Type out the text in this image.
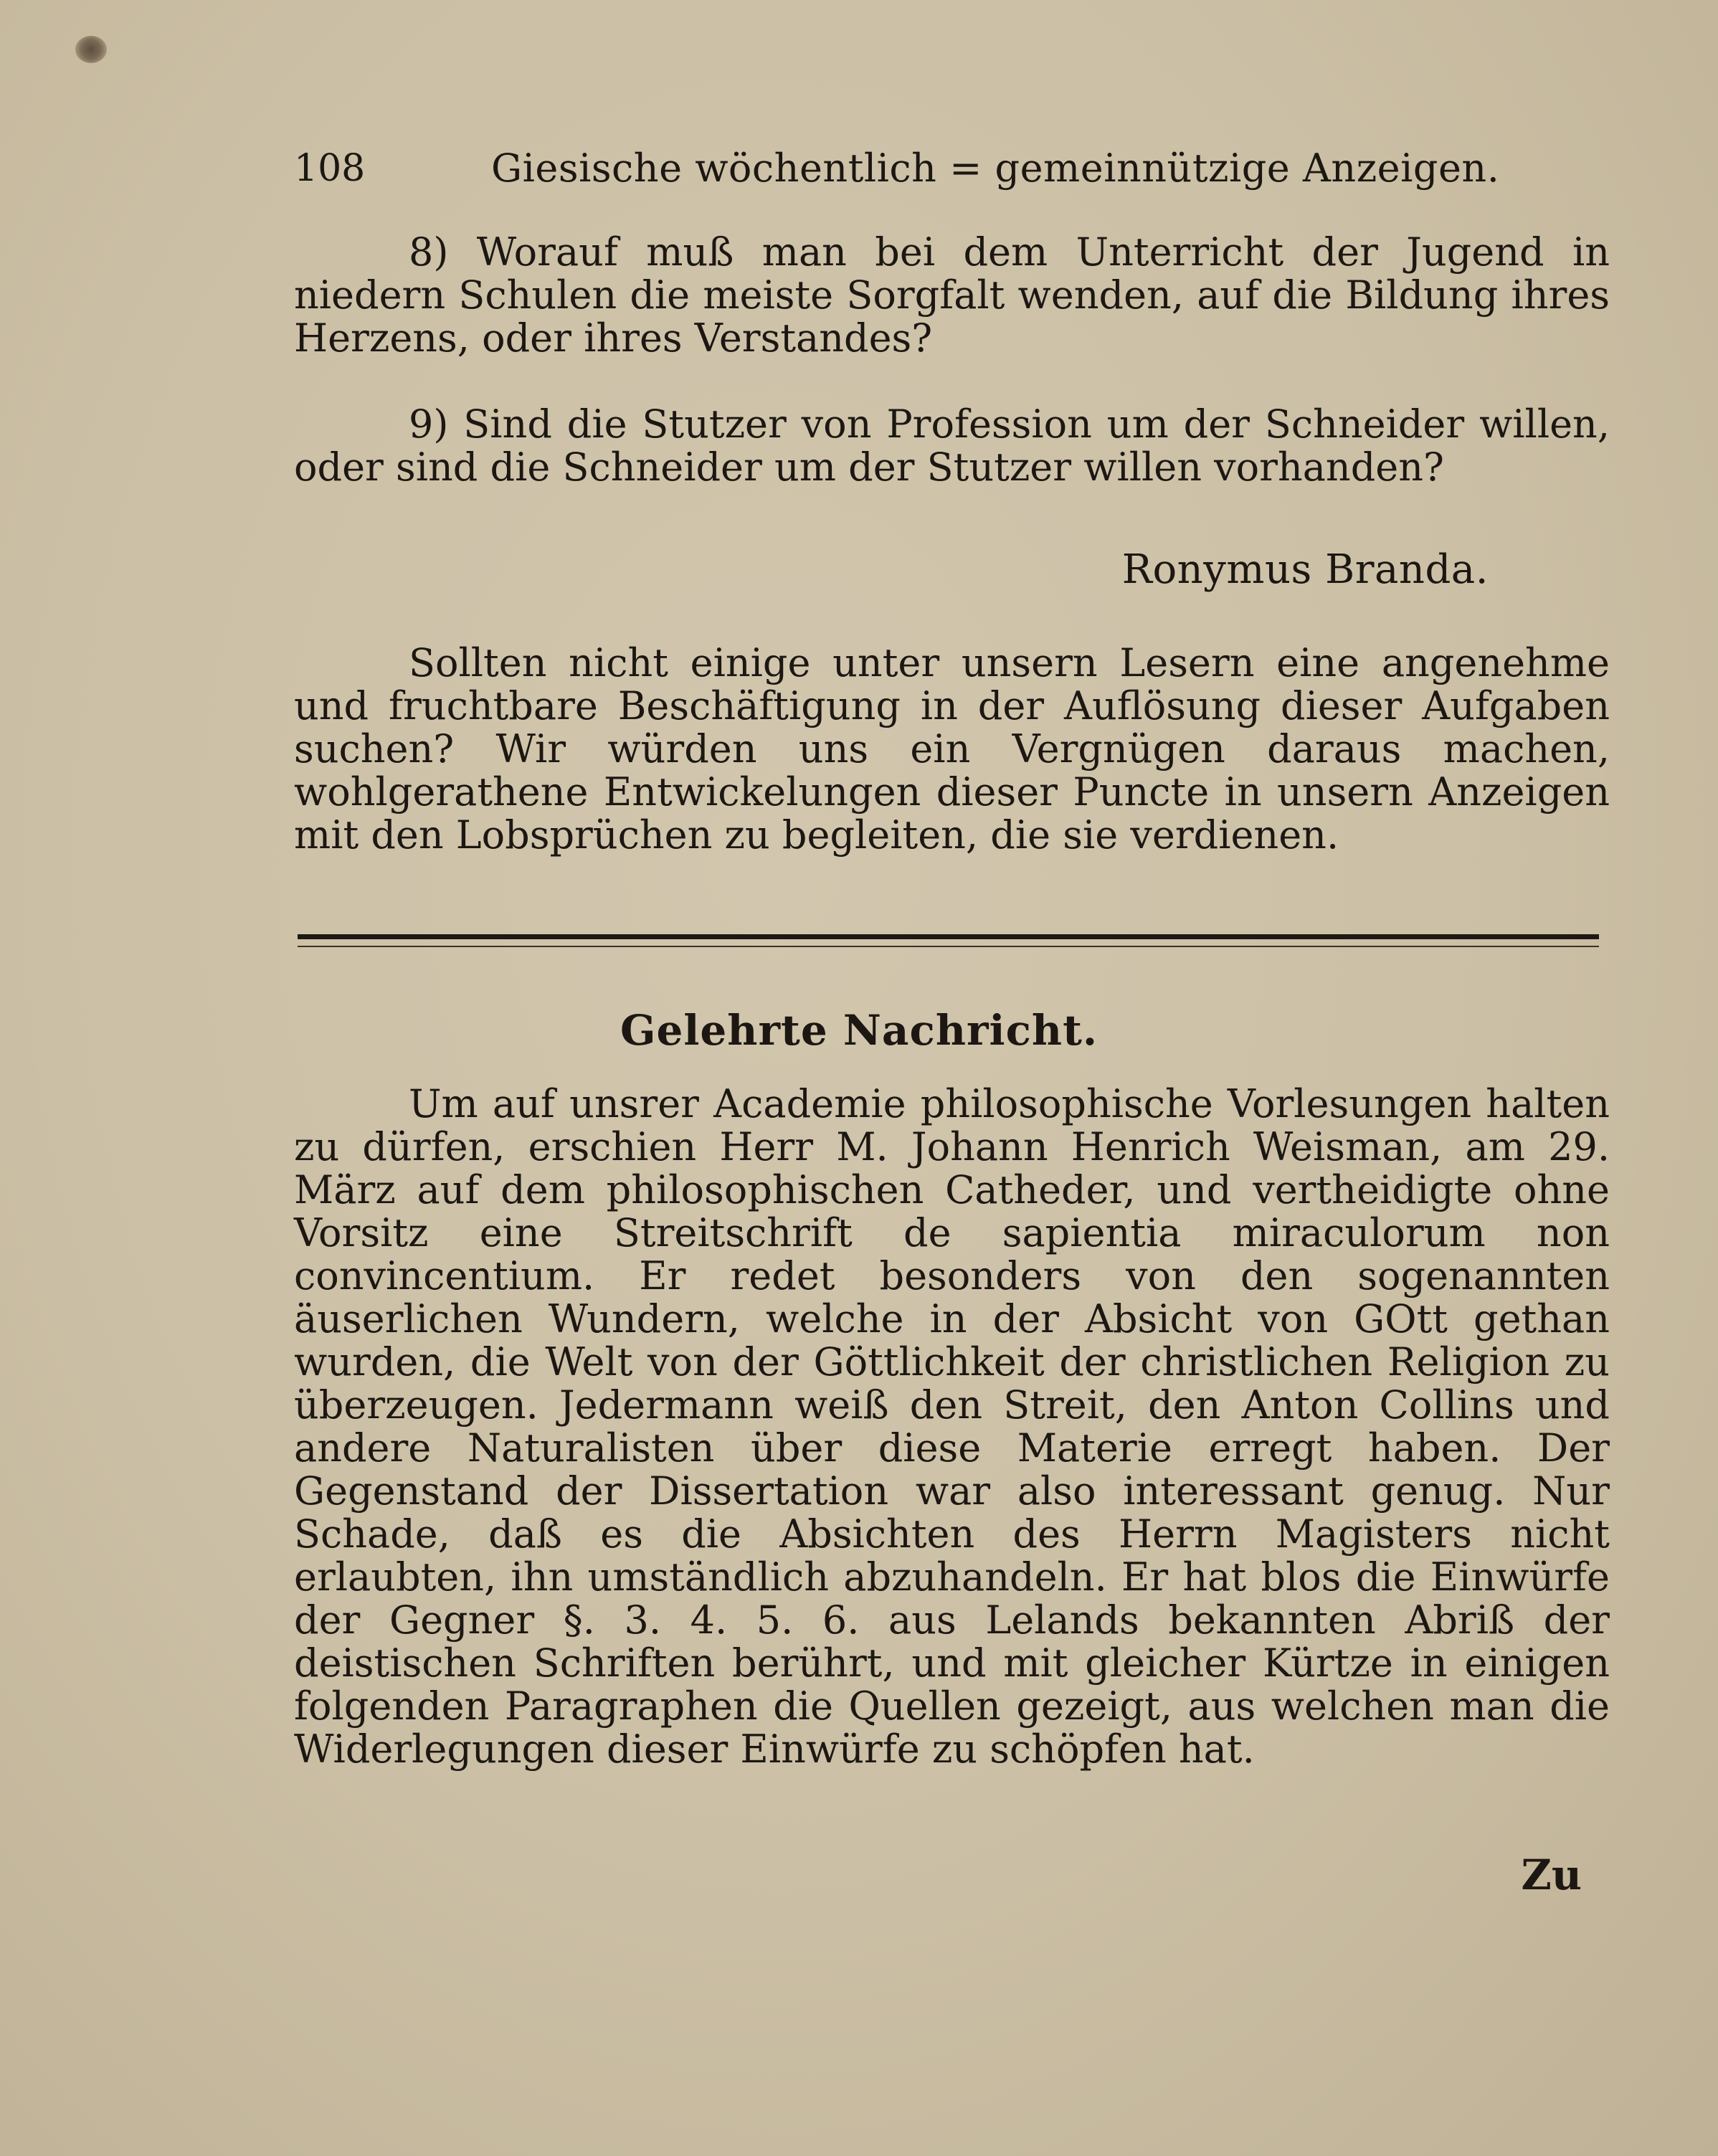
108	Giesische wöchentlich = gemeinnützige Anzeigen.

8) Worauf muß man bei dem Unterricht der Jugend in niedern Schulen die meiste Sorgfalt wenden, auf die Bildung ihres Herzens, oder ihres Verstandes?

9) Sind die Stutzer von Profession um der Schneider willen, oder sind die Schneider um der Stutzer willen vorhanden?

Ronymus Branda.

Sollten nicht einige unter unsern Lesern eine angenehme und fruchtbare Beschäftigung in der Auflösung dieser Aufgaben suchen? Wir würden uns ein Vergnügen daraus machen, wohlgerathene Entwickelungen dieser Puncte in unsern Anzeigen mit den Lobsprüchen zu begleiten, die sie verdienen.

Gelehrte Nachricht.

Um auf unsrer Academie philosophische Vorlesungen halten zu dürfen, erschien Herr M. Johann Henrich Weisman, am 29. März auf dem philosophischen Catheder, und vertheidigte ohne Vorsitz eine Streitschrift de sapientia miraculorum non convincentium. Er redet besonders von den sogenannten äuserlichen Wundern, welche in der Absicht von GOtt gethan wurden, die Welt von der Göttlichkeit der christlichen Religion zu überzeugen. Jedermann weiß den Streit, den Anton Collins und andere Naturalisten über diese Materie erregt haben. Der Gegenstand der Dissertation war also interessant genug. Nur Schade, daß es die Absichten des Herrn Magisters nicht erlaubten, ihn umständlich abzuhandeln. Er hat blos die Einwürfe der Gegner §. 3. 4. 5. 6. aus Lelands bekannten Abriß der deistischen Schriften berührt, und mit gleicher Kürtze in einigen folgenden Paragraphen die Quellen gezeigt, aus welchen man die Widerlegungen dieser Einwürfe zu schöpfen hat.

Zu
